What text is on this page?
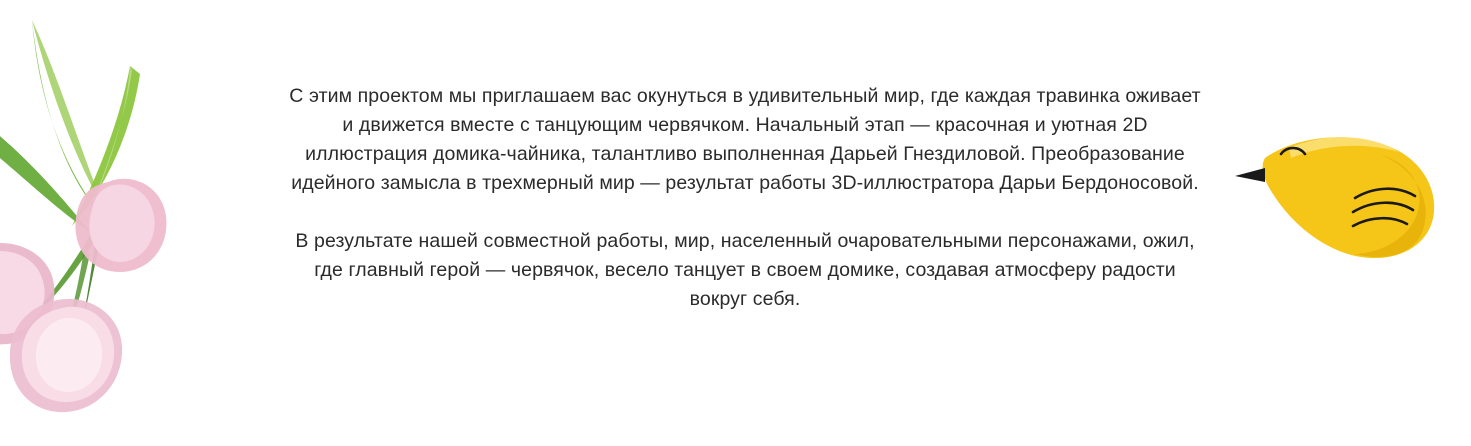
С этим проектом мы приглашаем вас окунуться в удивительный мир, где каждая травинка оживает и движется вместе с танцующим червячком. Начальный этап — красочная и уютная 2D иллюстрация домика-чайника, талантливо выполненная Дарьей Гнездиловой. Преобразование идейного замысла в трехмерный мир — результат работы 3D-иллюстратора Дарьи Бердоносовой.

В результате нашей совместной работы, мир, населенный очаровательными персонажами, ожил, где главный герой — червячок, весело танцует в своем домике, создавая атмосферу радости вокруг себя.
